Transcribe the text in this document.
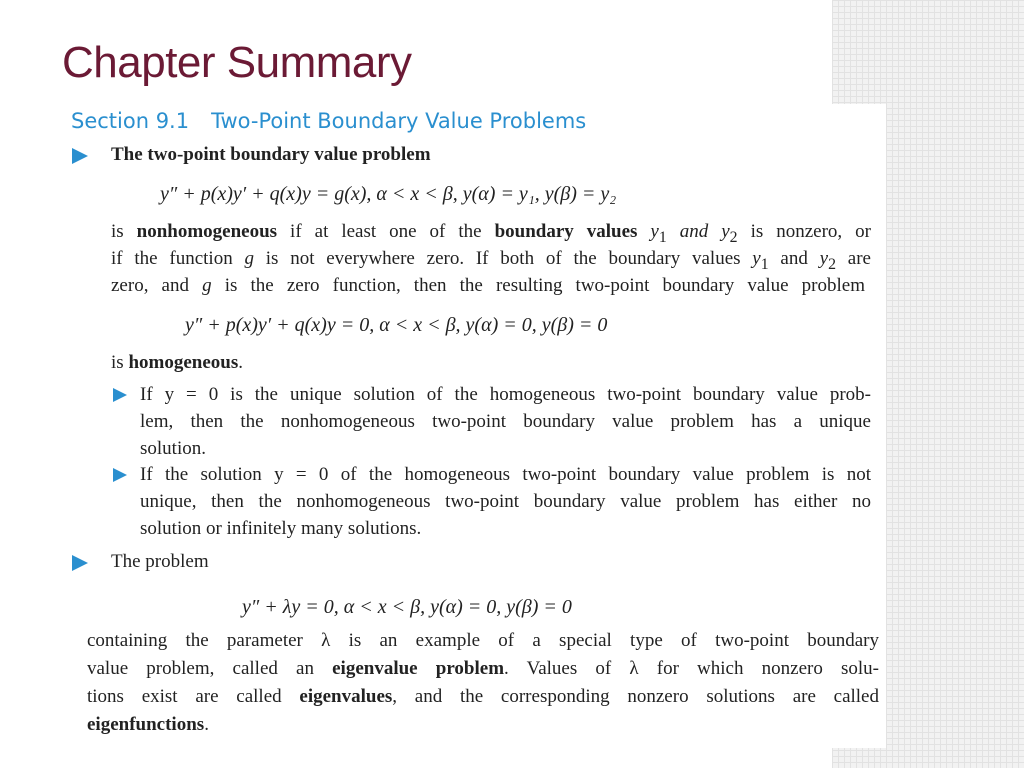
Chapter Summary
Section 9.1 Two-Point Boundary Value Problems
The two-point boundary value problem
y″ + p(x)y′ + q(x)y = g(x), α < x < β, y(α) = y₁, y(β) = y₂
is nonhomogeneous if at least one of the boundary values $y_1$ and $y_2$ is nonzero, or
if the function g is not everywhere zero. If both of the boundary values $y_1$ and $y_2$ are
zero, and g is the zero function, then the resulting two-point boundary value problem
y″ + p(x)y′ + q(x)y = 0, α < x < β, y(α) = 0, y(β) = 0
is homogeneous.
If y = 0 is the unique solution of the homogeneous two-point boundary value prob-
lem, then the nonhomogeneous two-point boundary value problem has a unique
solution.
If the solution y = 0 of the homogeneous two-point boundary value problem is not
unique, then the nonhomogeneous two-point boundary value problem has either no
solution or infinitely many solutions.
The problem
y″ + λy = 0, α < x < β, y(α) = 0, y(β) = 0
containing the parameter λ is an example of a special type of two-point boundary
value problem, called an eigenvalue problem. Values of λ for which nonzero solu-
tions exist are called eigenvalues, and the corresponding nonzero solutions are called
eigenfunctions.
